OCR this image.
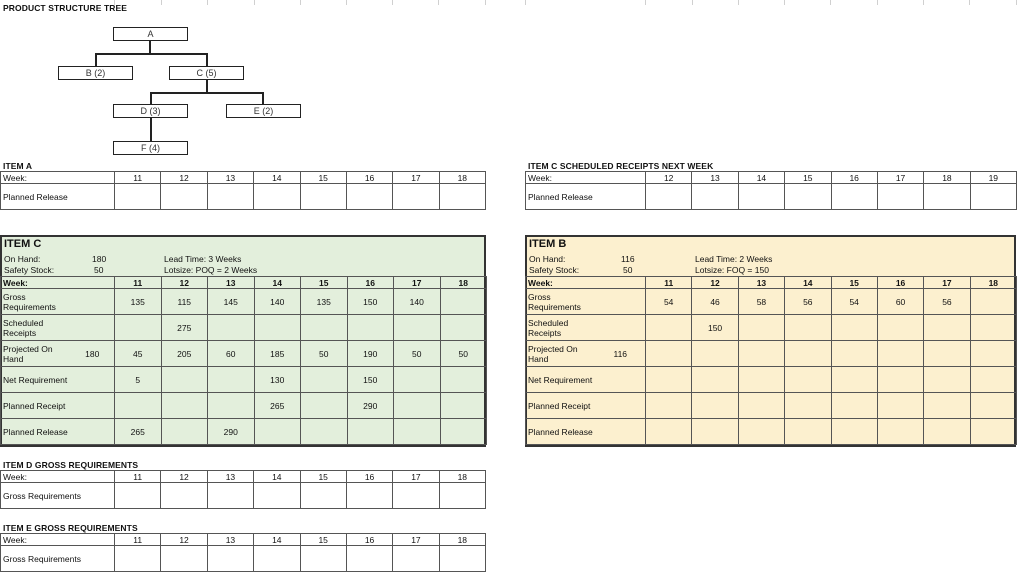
PRODUCT STRUCTURE TREE
A
B (2)	C (5)
D (3)	E (2)
F (4)
ITEM A
Week:	11	12	13	14	15	16	17	18
Planned Release								
ITEM C SCHEDULED RECEIPTS NEXT WEEK
Week:	12	13	14	15	16	17	18	19
Planned Release								
ITEM C
On Hand:	180
Safety Stock:	50
Lead Time: 3 Weeks
Lotsize: POQ = 2 Weeks
Week:		11	12	13	14	15	16	17	18
Gross Requirements		135	115	145	140	135	150	140	
Scheduled Receipts			275						
Projected On Hand	180	45	205	60	185	50	190	50	50
Net Requirement		5			130		150		
Planned Receipt					265		290		
Planned Release		265		290					
ITEM B
On Hand:	116
Safety Stock:	50
Lead Time: 2 Weeks
Lotsize: FOQ = 150
Week:		11	12	13	14	15	16	17	18
Gross Requirements		54	46	58	56	54	60	56	
Scheduled Receipts			150						
Projected On Hand	116								
Net Requirement									
Planned Receipt									
Planned Release									
ITEM D GROSS REQUIREMENTS
Week:	11	12	13	14	15	16	17	18
Gross Requirements								
ITEM E GROSS REQUIREMENTS
Week:	11	12	13	14	15	16	17	18
Gross Requirements								
